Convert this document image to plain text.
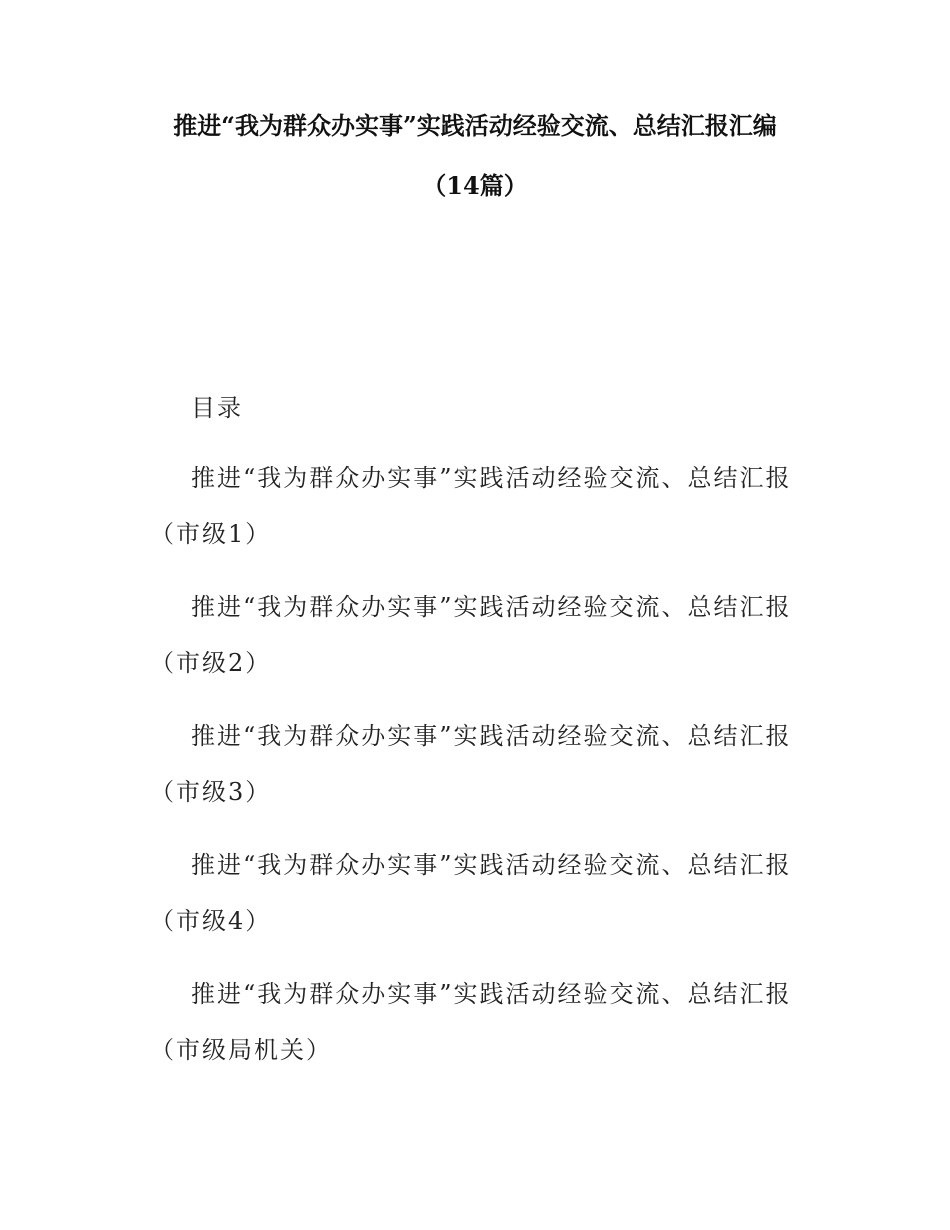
推进“我为群众办实事”实践活动经验交流、总结汇报汇编
（14篇）
目录
推进“我为群众办实事”实践活动经验交流、总结汇报
（市级1）
推进“我为群众办实事”实践活动经验交流、总结汇报
（市级2）
推进“我为群众办实事”实践活动经验交流、总结汇报
（市级3）
推进“我为群众办实事”实践活动经验交流、总结汇报
（市级4）
推进“我为群众办实事”实践活动经验交流、总结汇报
（市级局机关）
